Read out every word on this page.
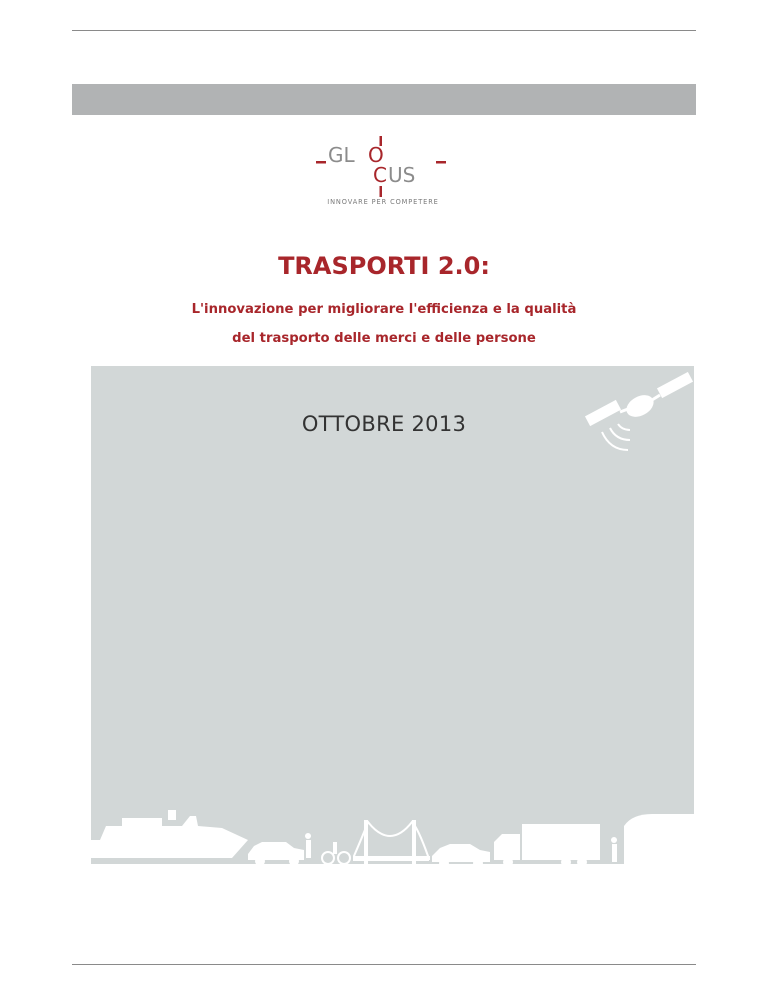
GL O
C US
INNOVARE PER COMPETERE
TRASPORTI 2.0:
L'innovazione per migliorare l'efficienza e la qualità
del trasporto delle merci e delle persone
OTTOBRE 2013
